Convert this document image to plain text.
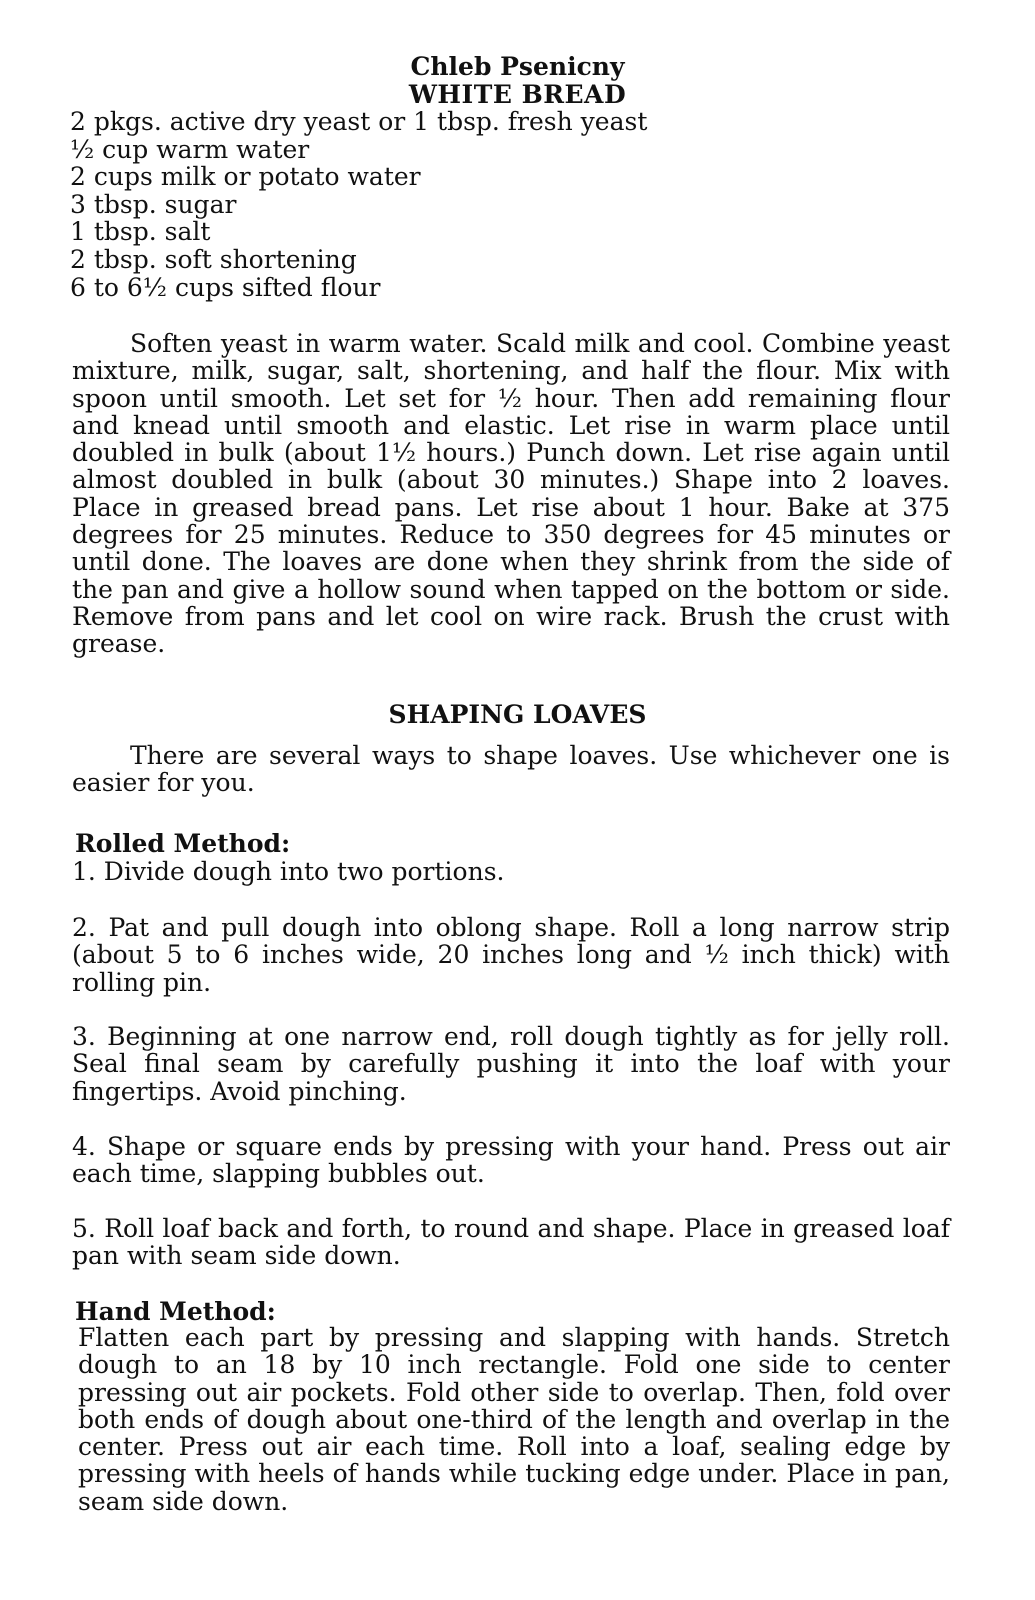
Chleb Psenicny
WHITE BREAD
2 pkgs. active dry yeast or 1 tbsp. fresh yeast
½ cup warm water
2 cups milk or potato water
3 tbsp. sugar
1 tbsp. salt
2 tbsp. soft shortening
6 to 6½ cups sifted flour

Soften yeast in warm water. Scald milk and cool. Combine yeast mixture, milk, sugar, salt, shortening, and half the flour. Mix with spoon until smooth. Let set for ½ hour. Then add remaining flour and knead until smooth and elastic. Let rise in warm place until doubled in bulk (about 1½ hours.) Punch down. Let rise again until almost doubled in bulk (about 30 minutes.) Shape into 2 loaves. Place in greased bread pans. Let rise about 1 hour. Bake at 375 degrees for 25 minutes. Reduce to 350 degrees for 45 minutes or until done. The loaves are done when they shrink from the side of the pan and give a hollow sound when tapped on the bottom or side. Remove from pans and let cool on wire rack. Brush the crust with grease.

SHAPING LOAVES

There are several ways to shape loaves. Use whichever one is easier for you.

Rolled Method:

1. Divide dough into two portions.

2. Pat and pull dough into oblong shape. Roll a long narrow strip (about 5 to 6 inches wide, 20 inches long and ½ inch thick) with rolling pin.

3. Beginning at one narrow end, roll dough tightly as for jelly roll. Seal final seam by carefully pushing it into the loaf with your fingertips. Avoid pinching.

4. Shape or square ends by pressing with your hand. Press out air each time, slapping bubbles out.

5. Roll loaf back and forth, to round and shape. Place in greased loaf pan with seam side down.

Hand Method:

Flatten each part by pressing and slapping with hands. Stretch dough to an 18 by 10 inch rectangle. Fold one side to center pressing out air pockets. Fold other side to overlap. Then, fold over both ends of dough about one-third of the length and overlap in the center. Press out air each time. Roll into a loaf, sealing edge by pressing with heels of hands while tucking edge under. Place in pan, seam side down.
